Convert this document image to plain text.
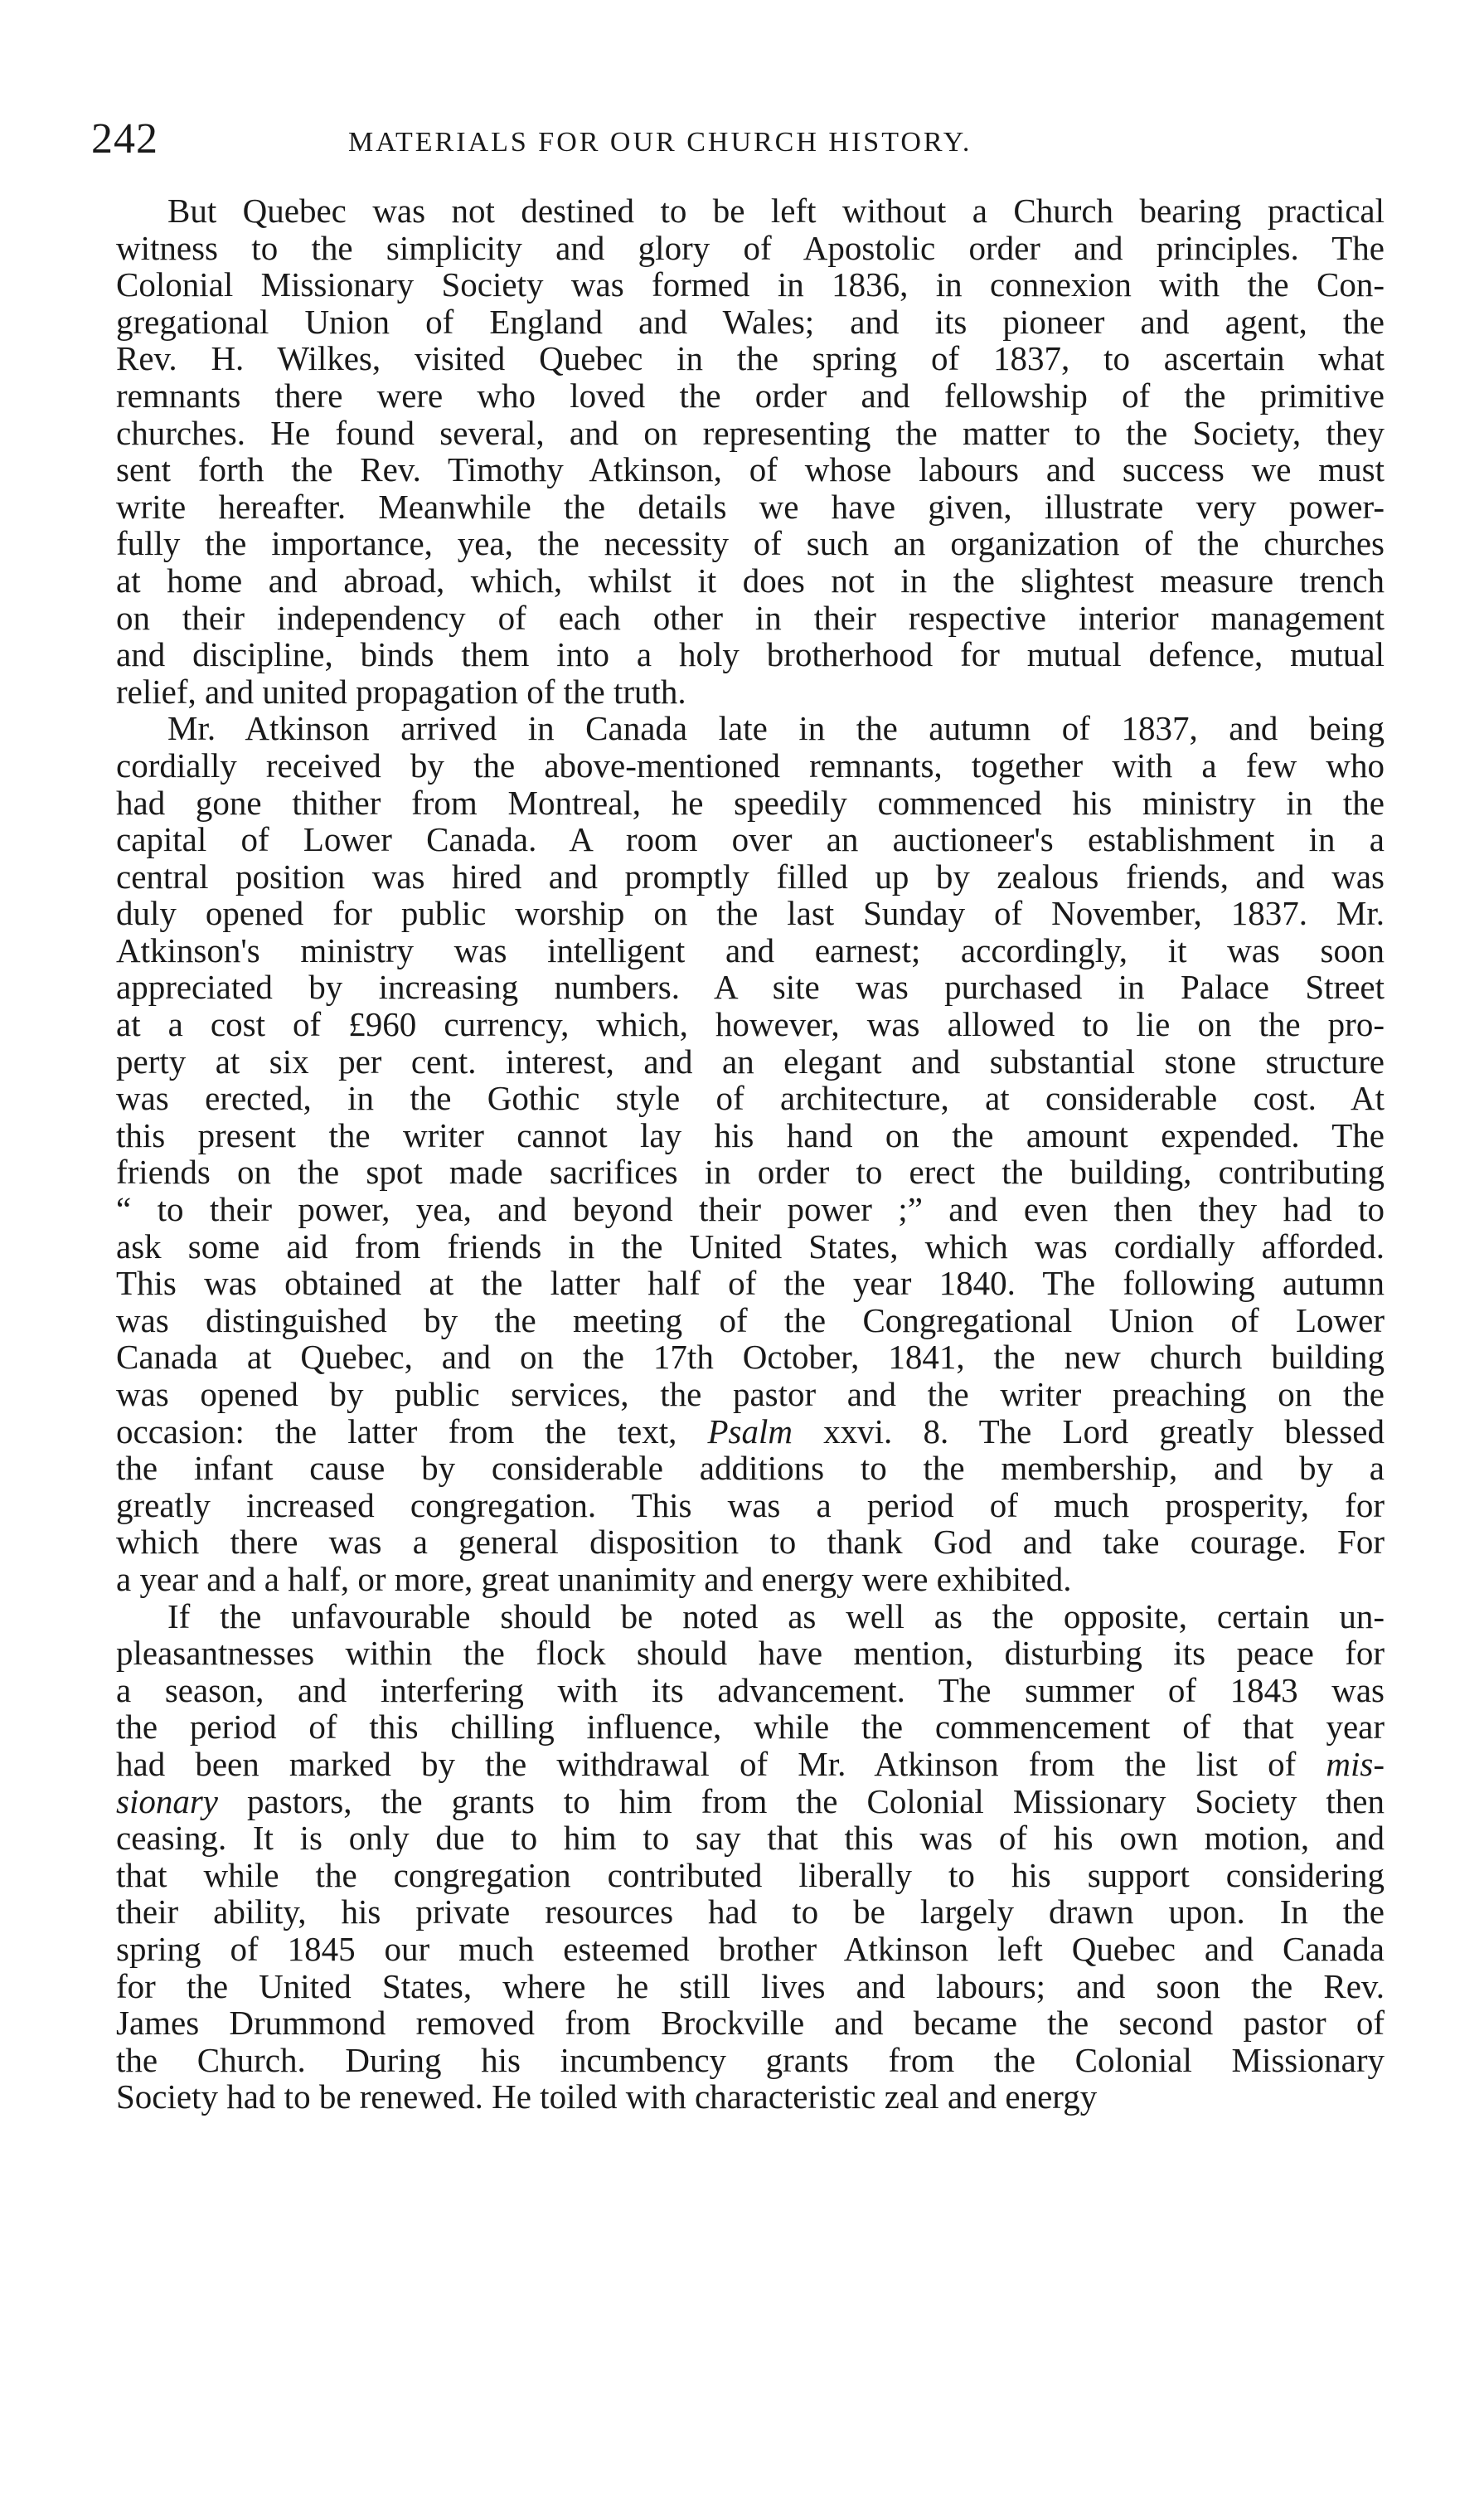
242	MATERIALS FOR OUR CHURCH HISTORY.
But Quebec was not destined to be left without a Church bearing practical
witness to the simplicity and glory of Apostolic order and principles. The
Colonial Missionary Society was formed in 1836, in connexion with the Con-
gregational Union of England and Wales; and its pioneer and agent, the
Rev. H. Wilkes, visited Quebec in the spring of 1837, to ascertain what
remnants there were who loved the order and fellowship of the primitive
churches. He found several, and on representing the matter to the Society, they
sent forth the Rev. Timothy Atkinson, of whose labours and success we must
write hereafter. Meanwhile the details we have given, illustrate very power-
fully the importance, yea, the necessity of such an organization of the churches
at home and abroad, which, whilst it does not in the slightest measure trench
on their independency of each other in their respective interior management
and discipline, binds them into a holy brotherhood for mutual defence, mutual
relief, and united propagation of the truth.
Mr. Atkinson arrived in Canada late in the autumn of 1837, and being
cordially received by the above-mentioned remnants, together with a few who
had gone thither from Montreal, he speedily commenced his ministry in the
capital of Lower Canada. A room over an auctioneer's establishment in a
central position was hired and promptly filled up by zealous friends, and was
duly opened for public worship on the last Sunday of November, 1837. Mr.
Atkinson's ministry was intelligent and earnest; accordingly, it was soon
appreciated by increasing numbers. A site was purchased in Palace Street
at a cost of £960 currency, which, however, was allowed to lie on the pro-
perty at six per cent. interest, and an elegant and substantial stone structure
was erected, in the Gothic style of architecture, at considerable cost. At
this present the writer cannot lay his hand on the amount expended. The
friends on the spot made sacrifices in order to erect the building, contributing
“ to their power, yea, and beyond their power ;” and even then they had to
ask some aid from friends in the United States, which was cordially afforded.
This was obtained at the latter half of the year 1840. The following autumn
was distinguished by the meeting of the Congregational Union of Lower
Canada at Quebec, and on the 17th October, 1841, the new church building
was opened by public services, the pastor and the writer preaching on the
occasion: the latter from the text, Psalm xxvi. 8. The Lord greatly blessed
the infant cause by considerable additions to the membership, and by a
greatly increased congregation. This was a period of much prosperity, for
which there was a general disposition to thank God and take courage. For
a year and a half, or more, great unanimity and energy were exhibited.
If the unfavourable should be noted as well as the opposite, certain un-
pleasantnesses within the flock should have mention, disturbing its peace for
a season, and interfering with its advancement. The summer of 1843 was
the period of this chilling influence, while the commencement of that year
had been marked by the withdrawal of Mr. Atkinson from the list of mis-
sionary pastors, the grants to him from the Colonial Missionary Society then
ceasing. It is only due to him to say that this was of his own motion, and
that while the congregation contributed liberally to his support considering
their ability, his private resources had to be largely drawn upon. In the
spring of 1845 our much esteemed brother Atkinson left Quebec and Canada
for the United States, where he still lives and labours; and soon the Rev.
James Drummond removed from Brockville and became the second pastor of
the Church. During his incumbency grants from the Colonial Missionary
Society had to be renewed. He toiled with characteristic zeal and energy
